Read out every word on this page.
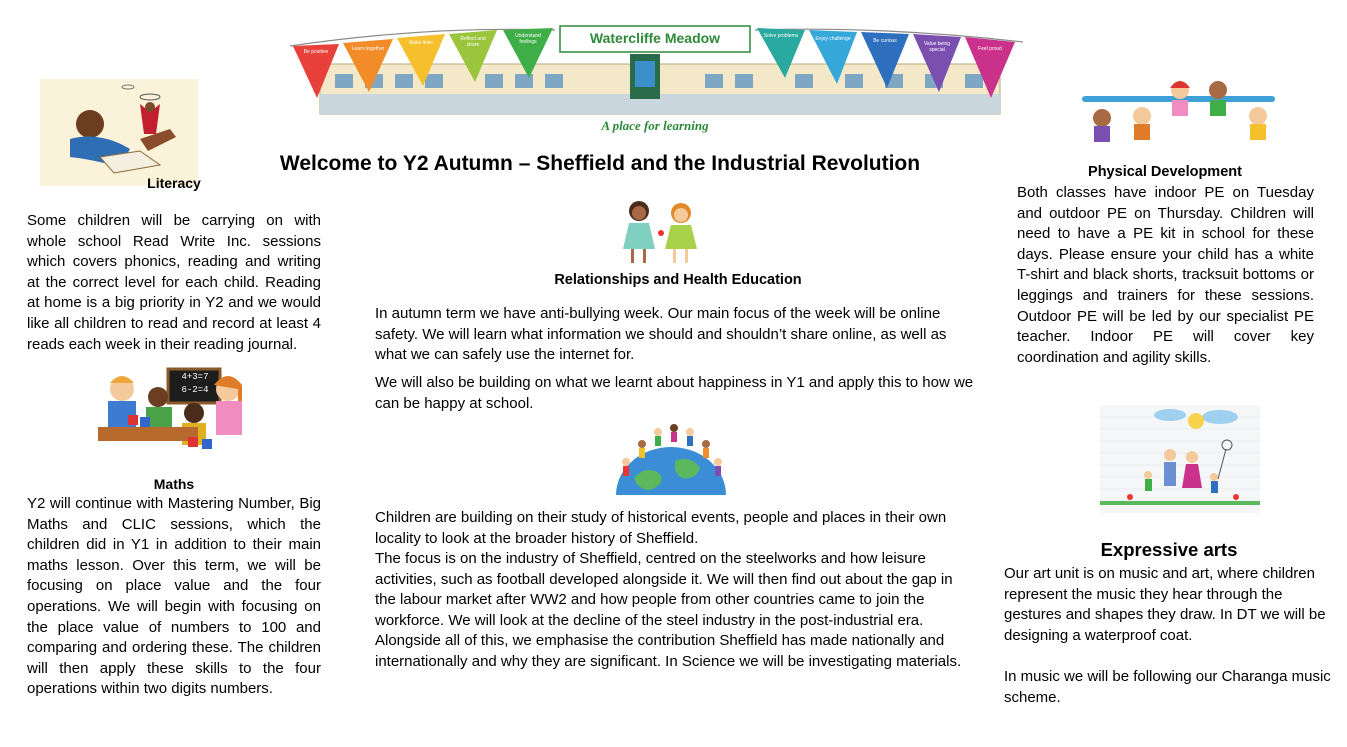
Watercliffe Meadow
A place for learning
Be positive	Learn together
Make links
Reflect and share
Understand feelings
Solve problems	Enjoy challenge	Be curious	Value being special	Feel proud
Welcome to Y2 Autumn – Sheffield and the Industrial Revolution
Literacy
Some children will be carrying on with whole school Read Write Inc. sessions which covers phonics, reading and writing at the correct level for each child. Reading at home is a big priority in Y2 and we would like all children to read and record at least 4 reads each week in their reading journal.
4+3=7
6-2=4
Maths
Y2 will continue with Mastering Number, Big Maths and CLIC sessions, which the children did in Y1 in addition to their main maths lesson. Over this term, we will be focusing on place value and the four operations. We will begin with focusing on the place value of numbers to 100 and comparing and ordering these. The children will then apply these skills to the four operations within two digits numbers.
Relationships and Health Education
In autumn term we have anti-bullying week. Our main focus of the week will be online safety. We will learn what information we should and shouldn’t share online, as well as what we can safely use the internet for.
We will also be building on what we learnt about happiness in Y1 and apply this to how we can be happy at school.
Children are building on their study of historical events, people and places in their own locality to look at the broader history of Sheffield.
The focus is on the industry of Sheffield, centred on the steelworks and how leisure activities, such as football developed alongside it. We will then find out about the gap in the labour market after WW2 and how people from other countries came to join the workforce. We will look at the decline of the steel industry in the post-industrial era. Alongside all of this, we emphasise the contribution Sheffield has made nationally and internationally and why they are significant. In Science we will be investigating materials.
Physical Development
Both classes have indoor PE on Tuesday and outdoor PE on Thursday. Children will need to have a PE kit in school for these days. Please ensure your child has a white T-shirt and black shorts, tracksuit bottoms or leggings and trainers for these sessions. Outdoor PE will be led by our specialist PE teacher. Indoor PE will cover key coordination and agility skills.
Expressive arts
Our art unit is on music and art, where children represent the music they hear through the gestures and shapes they draw. In DT we will be designing a waterproof coat.
In music we will be following our Charanga music scheme.
